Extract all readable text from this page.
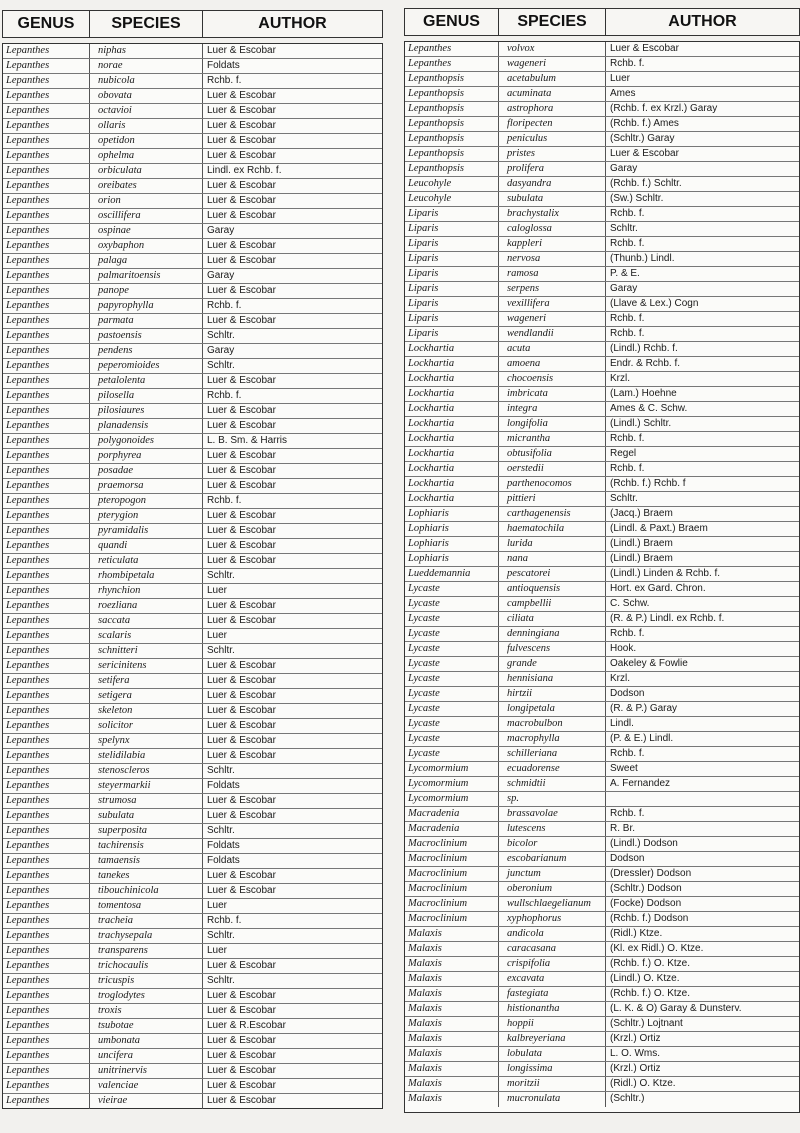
GENUS	SPECIES	AUTHOR
Lepanthes	niphas	Luer & Escobar
Lepanthes	norae	Foldats
Lepanthes	nubicola	Rchb. f.
Lepanthes	obovata	Luer & Escobar
Lepanthes	octavioi	Luer & Escobar
Lepanthes	ollaris	Luer & Escobar
Lepanthes	opetidon	Luer & Escobar
Lepanthes	ophelma	Luer & Escobar
Lepanthes	orbiculata	Lindl. ex Rchb. f.
Lepanthes	oreibates	Luer & Escobar
Lepanthes	orion	Luer & Escobar
Lepanthes	oscillifera	Luer & Escobar
Lepanthes	ospinae	Garay
Lepanthes	oxybaphon	Luer & Escobar
Lepanthes	palaga	Luer & Escobar
Lepanthes	palmaritoensis	Garay
Lepanthes	panope	Luer & Escobar
Lepanthes	papyrophylla	Rchb. f.
Lepanthes	parmata	Luer & Escobar
Lepanthes	pastoensis	Schltr.
Lepanthes	pendens	Garay
Lepanthes	peperomioides	Schltr.
Lepanthes	petalolenta	Luer & Escobar
Lepanthes	pilosella	Rchb. f.
Lepanthes	pilosiaures	Luer & Escobar
Lepanthes	planadensis	Luer & Escobar
Lepanthes	polygonoides	L. B. Sm. & Harris
Lepanthes	porphyrea	Luer & Escobar
Lepanthes	posadae	Luer & Escobar
Lepanthes	praemorsa	Luer & Escobar
Lepanthes	pteropogon	Rchb. f.
Lepanthes	pterygion	Luer & Escobar
Lepanthes	pyramidalis	Luer & Escobar
Lepanthes	quandi	Luer & Escobar
Lepanthes	reticulata	Luer & Escobar
Lepanthes	rhombipetala	Schltr.
Lepanthes	rhynchion	Luer
Lepanthes	roezliana	Luer & Escobar
Lepanthes	saccata	Luer & Escobar
Lepanthes	scalaris	Luer
Lepanthes	schnitteri	Schltr.
Lepanthes	sericinitens	Luer & Escobar
Lepanthes	setifera	Luer & Escobar
Lepanthes	setigera	Luer & Escobar
Lepanthes	skeleton	Luer & Escobar
Lepanthes	solicitor	Luer & Escobar
Lepanthes	spelynx	Luer & Escobar
Lepanthes	stelidilabia	Luer & Escobar
Lepanthes	stenoscleros	Schltr.
Lepanthes	steyermarkii	Foldats
Lepanthes	strumosa	Luer & Escobar
Lepanthes	subulata	Luer & Escobar
Lepanthes	superposita	Schltr.
Lepanthes	tachirensis	Foldats
Lepanthes	tamaensis	Foldats
Lepanthes	tanekes	Luer & Escobar
Lepanthes	tibouchinicola	Luer & Escobar
Lepanthes	tomentosa	Luer
Lepanthes	tracheia	Rchb. f.
Lepanthes	trachysepala	Schltr.
Lepanthes	transparens	Luer
Lepanthes	trichocaulis	Luer & Escobar
Lepanthes	tricuspis	Schltr.
Lepanthes	troglodytes	Luer & Escobar
Lepanthes	troxis	Luer & Escobar
Lepanthes	tsubotae	Luer & R.Escobar
Lepanthes	umbonata	Luer & Escobar
Lepanthes	uncifera	Luer & Escobar
Lepanthes	unitrinervis	Luer & Escobar
Lepanthes	valenciae	Luer & Escobar
Lepanthes	vieirae	Luer & Escobar
GENUS	SPECIES	AUTHOR
Lepanthes	volvox	Luer & Escobar
Lepanthes	wageneri	Rchb. f.
Lepanthopsis	acetabulum	Luer
Lepanthopsis	acuminata	Ames
Lepanthopsis	astrophora	(Rchb. f. ex Krzl.) Garay
Lepanthopsis	floripecten	(Rchb. f.) Ames
Lepanthopsis	peniculus	(Schltr.) Garay
Lepanthopsis	pristes	Luer & Escobar
Lepanthopsis	prolifera	Garay
Leucohyle	dasyandra	(Rchb. f.) Schltr.
Leucohyle	subulata	(Sw.) Schltr.
Liparis	brachystalix	Rchb. f.
Liparis	caloglossa	Schltr.
Liparis	kappleri	Rchb. f.
Liparis	nervosa	(Thunb.) Lindl.
Liparis	ramosa	P. & E.
Liparis	serpens	Garay
Liparis	vexillifera	(Llave & Lex.) Cogn
Liparis	wageneri	Rchb. f.
Liparis	wendlandii	Rchb. f.
Lockhartia	acuta	(Lindl.) Rchb. f.
Lockhartia	amoena	Endr. & Rchb. f.
Lockhartia	chocoensis	Krzl.
Lockhartia	imbricata	(Lam.) Hoehne
Lockhartia	integra	Ames & C. Schw.
Lockhartia	longifolia	(Lindl.) Schltr.
Lockhartia	micrantha	Rchb. f.
Lockhartia	obtusifolia	Regel
Lockhartia	oerstedii	Rchb. f.
Lockhartia	parthenocomos	(Rchb. f.) Rchb. f
Lockhartia	pittieri	Schltr.
Lophiaris	carthagenensis	(Jacq.) Braem
Lophiaris	haematochila	(Lindl. & Paxt.) Braem
Lophiaris	lurida	(Lindl.) Braem
Lophiaris	nana	(Lindl.) Braem
Lueddemannia	pescatorei	(Lindl.) Linden & Rchb. f.
Lycaste	antioquensis	Hort. ex Gard. Chron.
Lycaste	campbellii	C. Schw.
Lycaste	ciliata	(R. & P.) Lindl. ex Rchb. f.
Lycaste	denningiana	Rchb. f.
Lycaste	fulvescens	Hook.
Lycaste	grande	Oakeley & Fowlie
Lycaste	hennisiana	Krzl.
Lycaste	hirtzii	Dodson
Lycaste	longipetala	(R. & P.) Garay
Lycaste	macrobulbon	Lindl.
Lycaste	macrophylla	(P. & E.) Lindl.
Lycaste	schilleriana	Rchb. f.
Lycomormium	ecuadorense	Sweet
Lycomormium	schmidtii	A. Fernandez
Lycomormium	sp.
Macradenia	brassavolae	Rchb. f.
Macradenia	lutescens	R. Br.
Macroclinium	bicolor	(Lindl.) Dodson
Macroclinium	escobarianum	Dodson
Macroclinium	junctum	(Dressler) Dodson
Macroclinium	oberonium	(Schltr.) Dodson
Macroclinium	wullschlaegelianum	(Focke) Dodson
Macroclinium	xyphophorus	(Rchb. f.) Dodson
Malaxis	andicola	(Ridl.) Ktze.
Malaxis	caracasana	(Kl. ex Ridl.) O. Ktze.
Malaxis	crispifolia	(Rchb. f.) O. Ktze.
Malaxis	excavata	(Lindl.) O. Ktze.
Malaxis	fastegiata	(Rchb. f.) O. Ktze.
Malaxis	histionantha	(L. K. & O) Garay & Dunsterv.
Malaxis	hoppii	(Schltr.) Lojtnant
Malaxis	kalbreyeriana	(Krzl.) Ortiz
Malaxis	lobulata	L. O. Wms.
Malaxis	longissima	(Krzl.) Ortiz
Malaxis	moritzii	(Ridl.) O. Ktze.
Malaxis	mucronulata	(Schltr.)
